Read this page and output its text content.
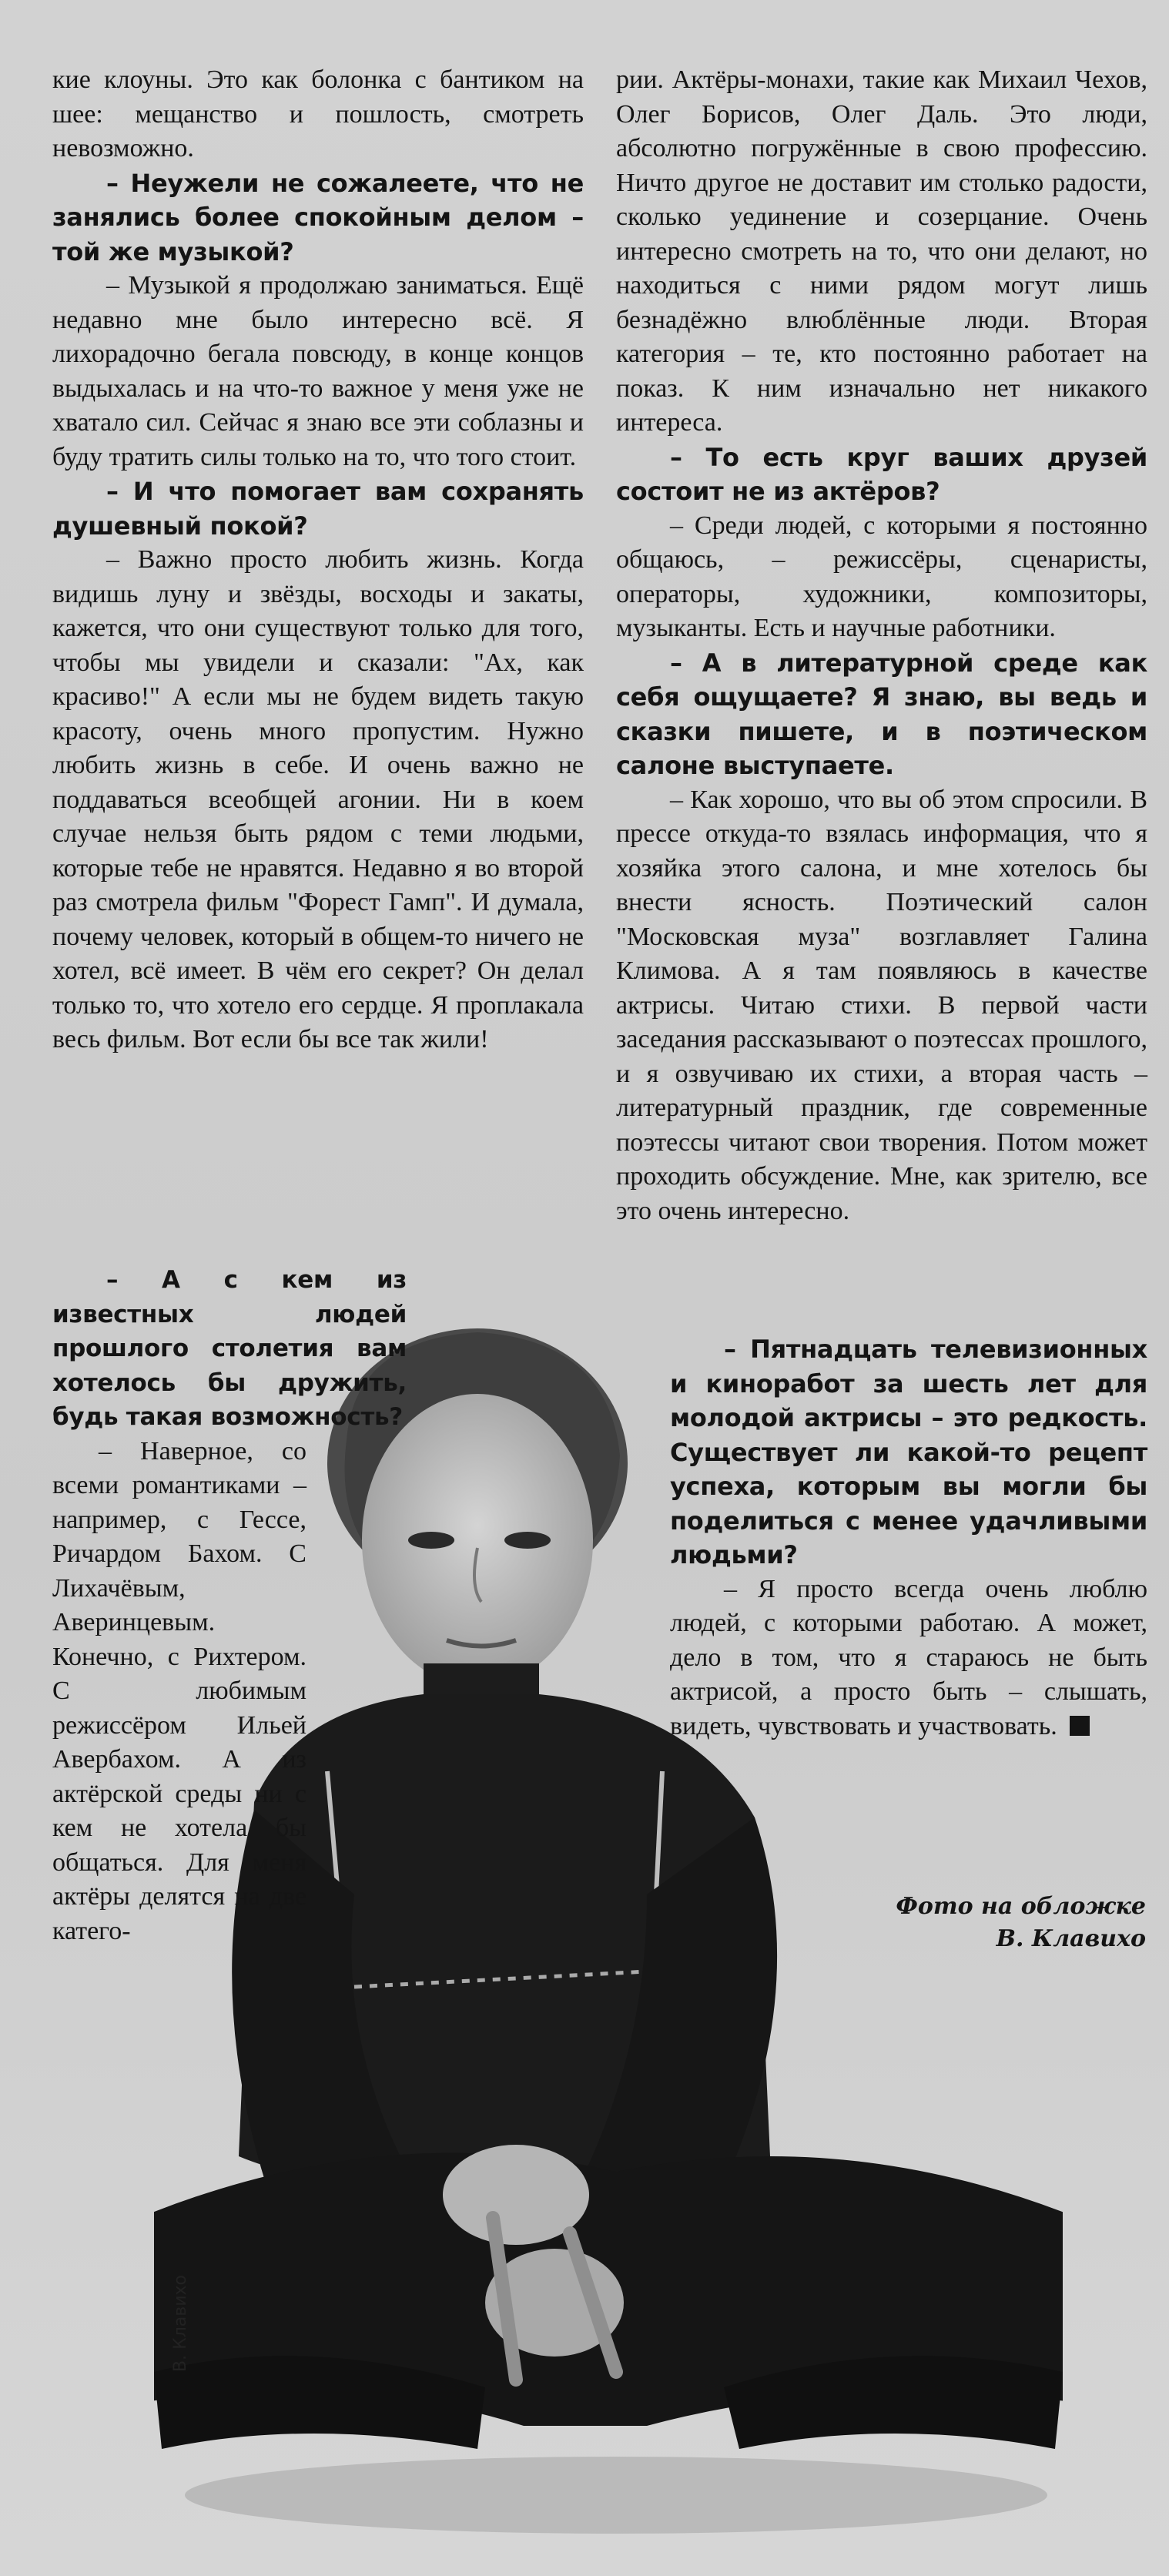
кие клоуны. Это как болонка с бантиком на шее: мещанство и пошлость, смотреть невозможно.

– Неужели не сожалеете, что не занялись более спокойным делом – той же музыкой?

– Музыкой я продолжаю заниматься. Ещё недавно мне было интересно всё. Я лихорадочно бегала повсюду, в конце концов выдыхалась и на что-то важное у меня уже не хватало сил. Сейчас я знаю все эти соблазны и буду тратить силы только на то, что того стоит.

– И что помогает вам сохранять душевный покой?

– Важно просто любить жизнь. Когда видишь луну и звёзды, восходы и закаты, кажется, что они существуют только для того, чтобы мы увидели и сказали: "Ах, как красиво!" А если мы не будем видеть такую красоту, очень много пропустим. Нужно любить жизнь в себе. И очень важно не поддаваться всеобщей агонии. Ни в коем случае нельзя быть рядом с теми людьми, которые тебе не нравятся. Недавно я во второй раз смотрела фильм "Форест Гамп". И думала, почему человек, который в общем-то ничего не хотел, всё имеет. В чём его секрет? Он делал только то, что хотело его сердце. Я проплакала весь фильм. Вот если бы все так жили!

– А с кем из известных людей прошлого столетия вам хотелось бы дружить, будь такая возможность?

– Наверное, со всеми романтиками – например, с Гессе, Ричардом Бахом. С Лихачёвым, Аверинцевым. Конечно, с Рихтером. С любимым режиссёром Ильей Авербахом. А из актёрской среды ни с кем не хотела бы общаться. Для меня актёры делятся на две катего-

рии. Актёры-монахи, такие как Михаил Чехов, Олег Борисов, Олег Даль. Это люди, абсолютно погружённые в свою профессию. Ничто другое не доставит им столько радости, сколько уединение и созерцание. Очень интересно смотреть на то, что они делают, но находиться с ними рядом могут лишь безнадёжно влюблённые люди. Вторая категория – те, кто постоянно работает на показ. К ним изначально нет никакого интереса.

– То есть круг ваших друзей состоит не из актёров?

– Среди людей, с которыми я постоянно общаюсь, – режиссёры, сценаристы, операторы, художники, композиторы, музыканты. Есть и научные работники.

– А в литературной среде как себя ощущаете? Я знаю, вы ведь и сказки пишете, и в поэтическом салоне выступаете.

– Как хорошо, что вы об этом спросили. В прессе откуда-то взялась информация, что я хозяйка этого салона, и мне хотелось бы внести ясность. Поэтический салон "Московская муза" возглавляет Галина Климова. А я там появляюсь в качестве актрисы. Читаю стихи. В первой части заседания рассказывают о поэтессах прошлого, и я озвучиваю их стихи, а вторая часть – литературный праздник, где современные поэтессы читают свои творения. Потом может проходить обсуждение. Мне, как зрителю, все это очень интересно.

– Пятнадцать телевизионных и киноработ за шесть лет для молодой актрисы – это редкость. Существует ли какой-то рецепт успеха, которым вы могли бы поделиться с менее удачливыми людьми?

– Я просто всегда очень люблю людей, с которыми работаю. А может, дело в том, что я стараюсь не быть актрисой, а просто быть – слышать, видеть, чувствовать и участвовать.

Фото на обложке
В. Клавихо
В. Клавихо
